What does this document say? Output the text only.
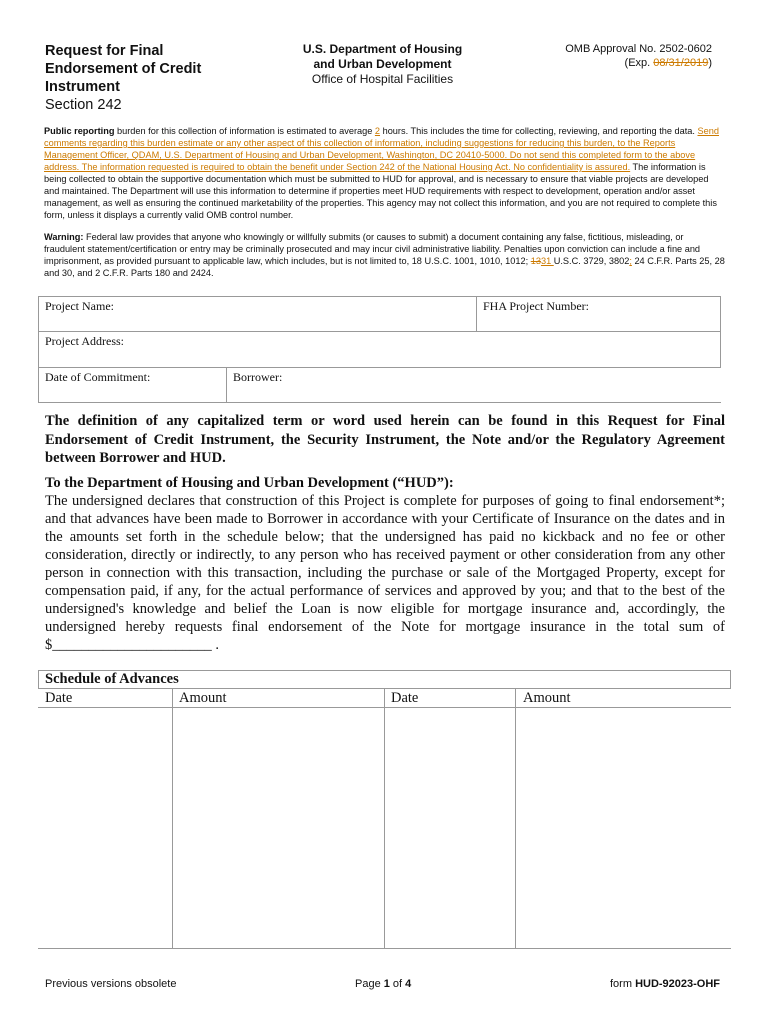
Request for Final
Endorsement of Credit
Instrument
Section 242
U.S. Department of Housing
and Urban Development
Office of Hospital Facilities
OMB Approval No. 2502-0602
(Exp. 08/31/2019)
Public reporting burden for this collection of information is estimated to average 2 hours. This includes the time for collecting, reviewing, and reporting the data. Send comments regarding this burden estimate or any other aspect of this collection of information, including suggestions for reducing this burden, to the Reports Management Officer, QDAM, U.S. Department of Housing and Urban Development, Washington, DC 20410-5000. Do not send this completed form to the above address. The information requested is required to obtain the benefit under Section 242 of the National Housing Act. No confidentiality is assured. The information is being collected to obtain the supportive documentation which must be submitted to HUD for approval, and is necessary to ensure that viable projects are developed and maintained. The Department will use this information to determine if properties meet HUD requirements with respect to development, operation and/or asset management, as well as ensuring the continued marketability of the properties. This agency may not collect this information, and you are not required to complete this form, unless it displays a currently valid OMB control number.
Warning: Federal law provides that anyone who knowingly or willfully submits (or causes to submit) a document containing any false, fictitious, misleading, or fraudulent statement/certification or entry may be criminally prosecuted and may incur civil administrative liability. Penalties upon conviction can include a fine and imprisonment, as provided pursuant to applicable law, which includes, but is not limited to, 18 U.S.C. 1001, 1010, 1012; 1331 U.S.C. 3729, 3802; 24 C.F.R. Parts 25, 28 and 30, and 2 C.F.R. Parts 180 and 2424.
Project Name:	FHA Project Number:
Project Address:
Date of Commitment:	Borrower:
The definition of any capitalized term or word used herein can be found in this Request for Final Endorsement of Credit Instrument, the Security Instrument, the Note and/or the Regulatory Agreement between Borrower and HUD.
To the Department of Housing and Urban Development (“HUD”):
The undersigned declares that construction of this Project is complete for purposes of going to final endorsement*; and that advances have been made to Borrower in accordance with your Certificate of Insurance on the dates and in the amounts set forth in the schedule below; that the undersigned has paid no kickback and no fee or other consideration, directly or indirectly, to any person who has received payment or other consideration from any other person in connection with this transaction, including the purchase or sale of the Mortgaged Property, except for compensation paid, if any, for the actual performance of services and approved by you; and that to the best of the undersigned's knowledge and belief the Loan is now eligible for mortgage insurance and, accordingly, the undersigned hereby requests final endorsement of the Note for mortgage insurance in the total sum of $______________________ .
Schedule of Advances
Date	Amount	Date	Amount
Previous versions obsolete	Page 1 of 4	form HUD-92023-OHF
